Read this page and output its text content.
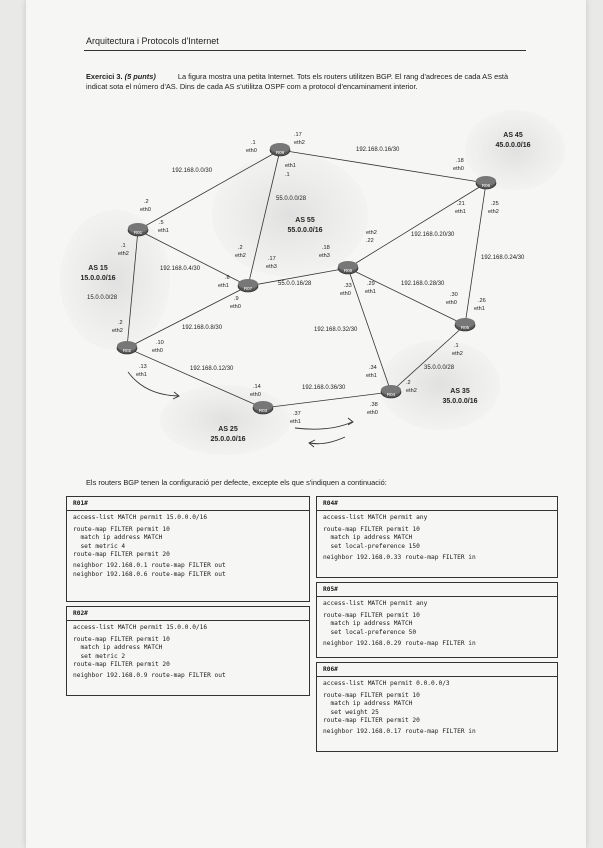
Arquitectura i Protocols d'Internet
Exercici 3. (5 punts)	La figura mostra una petita Internet. Tots els routers utilitzen BGP. El rang d'adreces de cada AS està indicat sota el número d'AS. Dins de cada AS s'utilitza OSPF com a protocol d'encaminament interior.
R09
R06
R01
R07
R08
R05
R02
R03
R04
AS 45
45.0.0.0/16
AS 55
55.0.0.0/16
AS 15
15.0.0.0/16
AS 35
35.0.0.0/16
AS 25
25.0.0.0/16
192.168.0.0/30
192.168.0.16/30
55.0.0.0/28
192.168.0.4/30
55.0.0.16/28
192.168.0.20/30
192.168.0.24/30
15.0.0.0/28
192.168.0.28/30
192.168.0.8/30	192.168.0.32/30
35.0.0.0/28
192.168.0.12/30
192.168.0.36/30
.1
eth0
.17
eth2
eth1
.1
.18
eth0
.21
eth1
.25
eth2
.2
eth0
.5
eth1
.1
eth2
.2
eth2	.17
eth3
.6
eth1
.9
eth0
.18
eth3
eth2
.22
.33
eth0
.29
eth1	.30
eth0	.26
eth1
.1
eth2
.2
eth2
.10
eth0
.13
eth1
.14
eth0
.37
eth1
.34
eth1
.2
eth2
.38
eth0
Els routers BGP tenen la configuració per defecte, excepte els que s'indiquen a continuació:
R01#
access-list MATCH permit 15.0.0.0/16
route-map FILTER permit 10
match ip address MATCH
set metric 4
route-map FILTER permit 20
neighbor 192.168.0.1 route-map FILTER out
neighbor 192.168.0.6 route-map FILTER out
R02#
access-list MATCH permit 15.0.0.0/16
route-map FILTER permit 10
match ip address MATCH
set metric 2
route-map FILTER permit 20
neighbor 192.168.0.9 route-map FILTER out
R04#
access-list MATCH permit any
route-map FILTER permit 10
match ip address MATCH
set local-preference 150
neighbor 192.168.0.33 route-map FILTER in
R05#
access-list MATCH permit any
route-map FILTER permit 10
match ip address MATCH
set local-preference 50
neighbor 192.168.0.29 route-map FILTER in
R06#
access-list MATCH permit 0.0.0.0/3
route-map FILTER permit 10
match ip address MATCH
set weight 25
route-map FILTER permit 20
neighbor 192.168.0.17 route-map FILTER in
